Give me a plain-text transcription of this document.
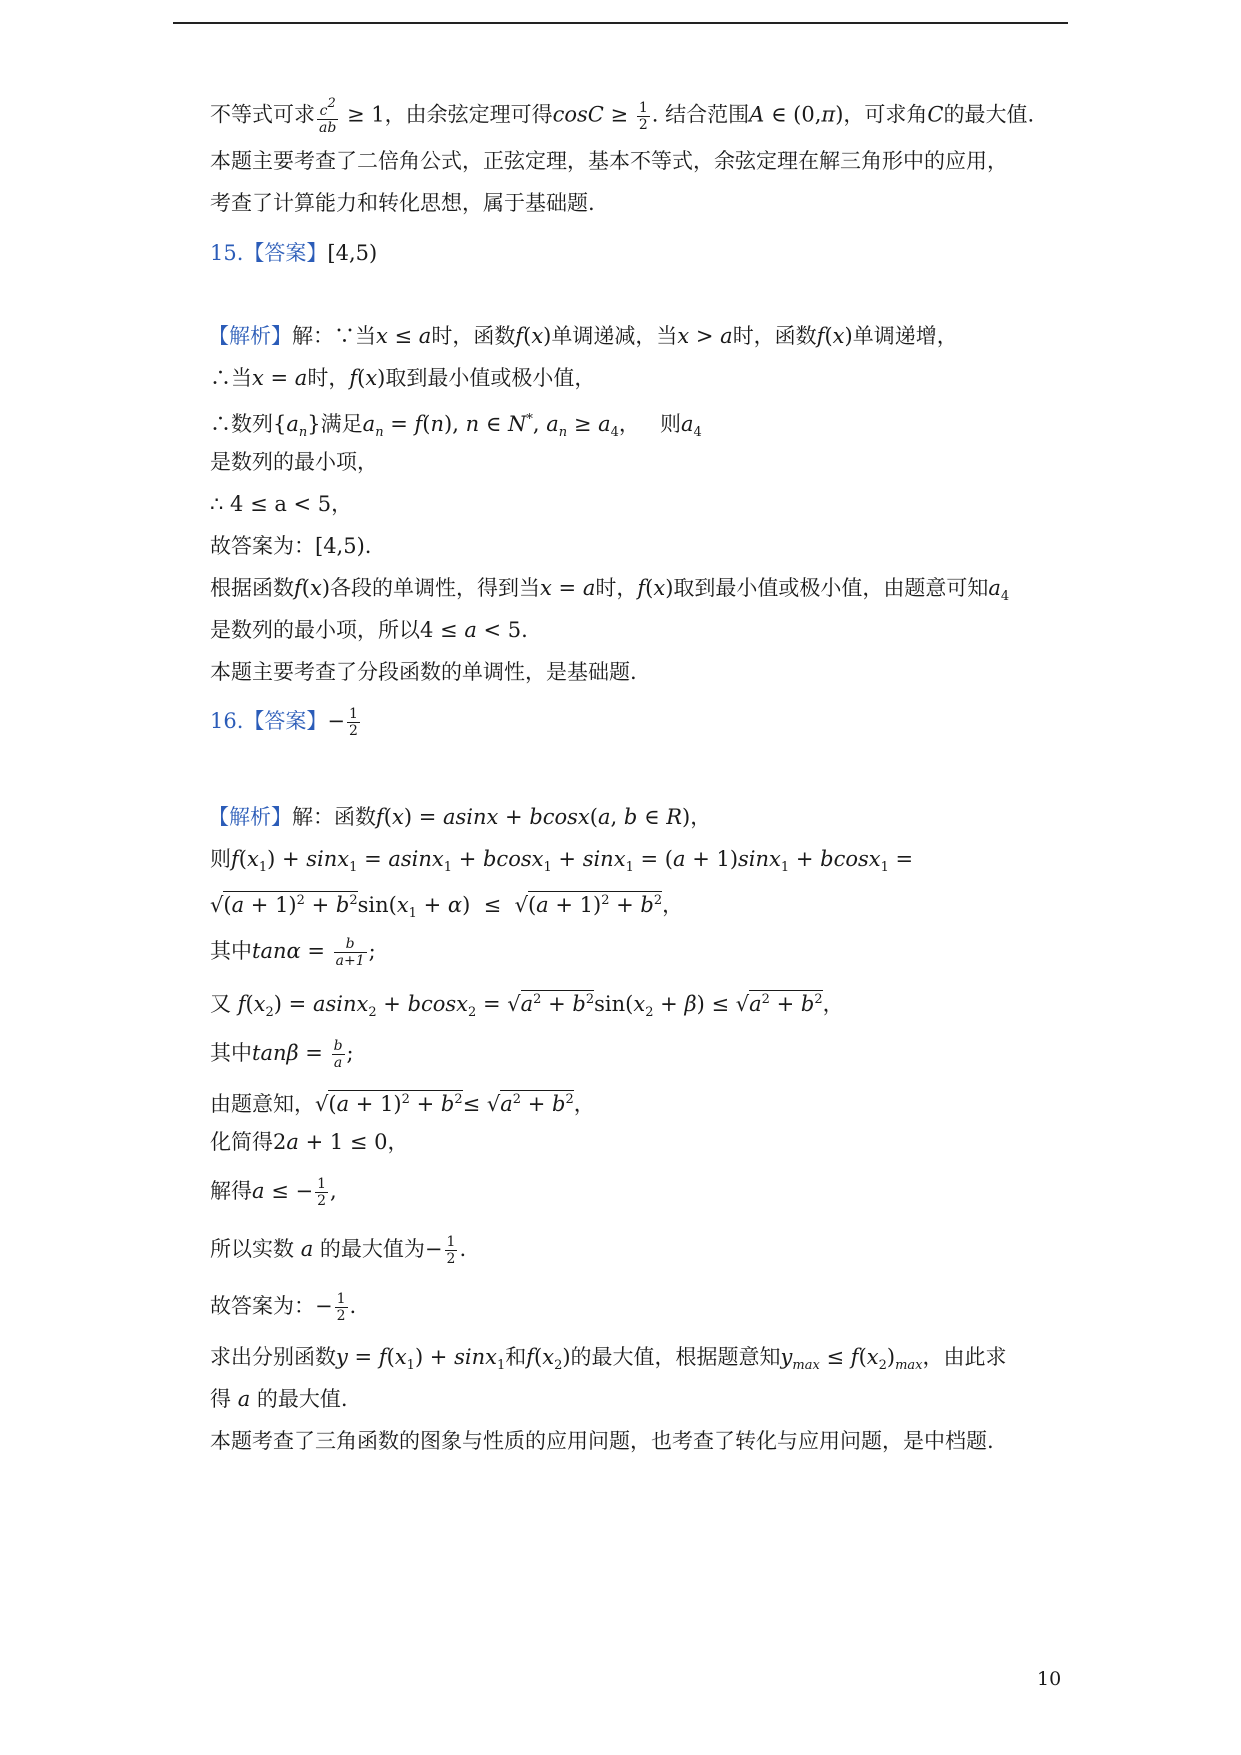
不等式可求 $\frac{c^2}{ab} \ge 1$，由余弦定理可得$\cos C \ge \frac{1}{2}$ . 结合范围A ∈ (0,π)，可求角C的最大值.
本题主要考查了二倍角公式，正弦定理，基本不等式，余弦定理在解三角形中的应用，
考查了计算能力和转化思想，属于基础题.
15.【答案】[4,5)
【解析】解：∵当x ≤ a时，函数f(x)单调递减，当x > a时，函数f(x)单调递增，
∴当x = a时，f(x)取到最小值或极小值，
∴数列$\{a_n\}$满足$a_n = f(n)$, n ∈ N*, $a_n \ge a_4$，   则$a_4$
是数列的最小项，
∴ 4 ≤ a < 5，
故答案为：[4,5).
根据函数f(x)各段的单调性，得到当x = a时，f(x)取到最小值或极小值，由题意可知$a_4$
是数列的最小项，所以4 ≤ a < 5.
本题主要考查了分段函数的单调性，是基础题.
16.【答案】− $\frac{1}{2}$
【解析】解：函数f(x) = asinx + bcosx(a, b ∈ R)，
则$f(x_1) + \sin x_1 = asinx_1 + bcosx_1 + \sin x_1 = (a + 1)\sin x_1 + bcosx_1$ =
$√(a + 1)^2 + b^2\sin(x_1 + \alpha) \le √(a + 1)^2 + b^2$，
其中$\tan\alpha = \frac{b}{a+1}$ ;
又 $f(x_2) = asinx_2 + bcosx_2 = √a^2 + b^2\sin(x_2 + \beta) \le √a^2 + b^2$，
其中$\tan\beta = \frac{b}{a}$ ;
由题意知，$√(a + 1)^2 + b^2\le √a^2 + b^2$，
化简得2a + 1 ≤ 0，
解得a ≤ − $\frac{1}{2}$ ,
所以实数 a 的最大值为− $\frac{1}{2}$ .
故答案为：− $\frac{1}{2}$ .
求出分别函数$y = f(x_1) + \sin x_1$和$f(x_2)$的最大值，根据题意知$y_{max} \le f(x_2)_{max}$，由此求
得 a 的最大值.
本题考查了三角函数的图象与性质的应用问题，也考查了转化与应用问题，是中档题.
10
